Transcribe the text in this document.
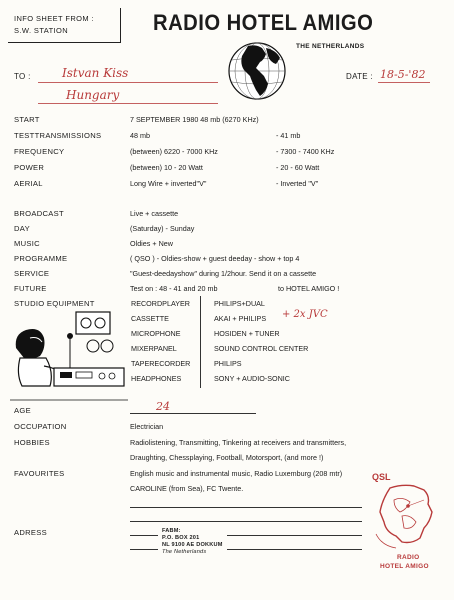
INFO SHEET FROM :
S.W. STATION	RADIO HOTEL AMIGO
THE NETHERLANDS
DATE : 18-5-'82
TO :	Istvan Kiss
Hungary
START	7 SEPTEMBER 1980 48 mb (6270 KHz)
TESTTRANSMISSIONS	48 mb	- 41 mb
FREQUENCY	(between) 6220 - 7000 KHz	- 7300 - 7400 KHz
POWER	(between) 10 - 20 Watt	- 20 - 60 Watt
AERIAL	Long Wire + inverted"V"	- Inverted "V"
BROADCAST	Live + cassette
DAY	(Saturday) - Sunday
MUSIC	Oldies + New
PROGRAMME	( QSO ) - Oldies-show + guest deeday - show + top 4
SERVICE	"Guest-deedayshow" during 1/2hour. Send it on a cassette
FUTURE	Test on : 48 - 41 and 20 mb	to HOTEL AMIGO !
STUDIO EQUIPMENT	RECORDPLAYER	PHILIPS+DUAL
CASSETTE	AKAI + PHILIPS + 2x JVC
MICROPHONE	HOSIDEN + TUNER
MIXERPANEL	SOUND CONTROL CENTER
TAPERECORDER	PHILIPS
HEADPHONES	SONY + AUDIO-SONIC
AGE	24
OCCUPATION	Electrician
HOBBIES	Radiolistening, Transmitting, Tinkering at receivers and transmitters,
Draughting, Chessplaying, Football, Motorsport, (and more !)
FAVOURITES	English music and instrumental music, Radio Luxemburg (208 mtr)
CAROLINE (from Sea), FC Twente.
ADRESS	FABM:
P.O. BOX 201
NL 9100 AE DOKKUM
The Netherlands
QSL
RADIO
HOTEL AMIGO
